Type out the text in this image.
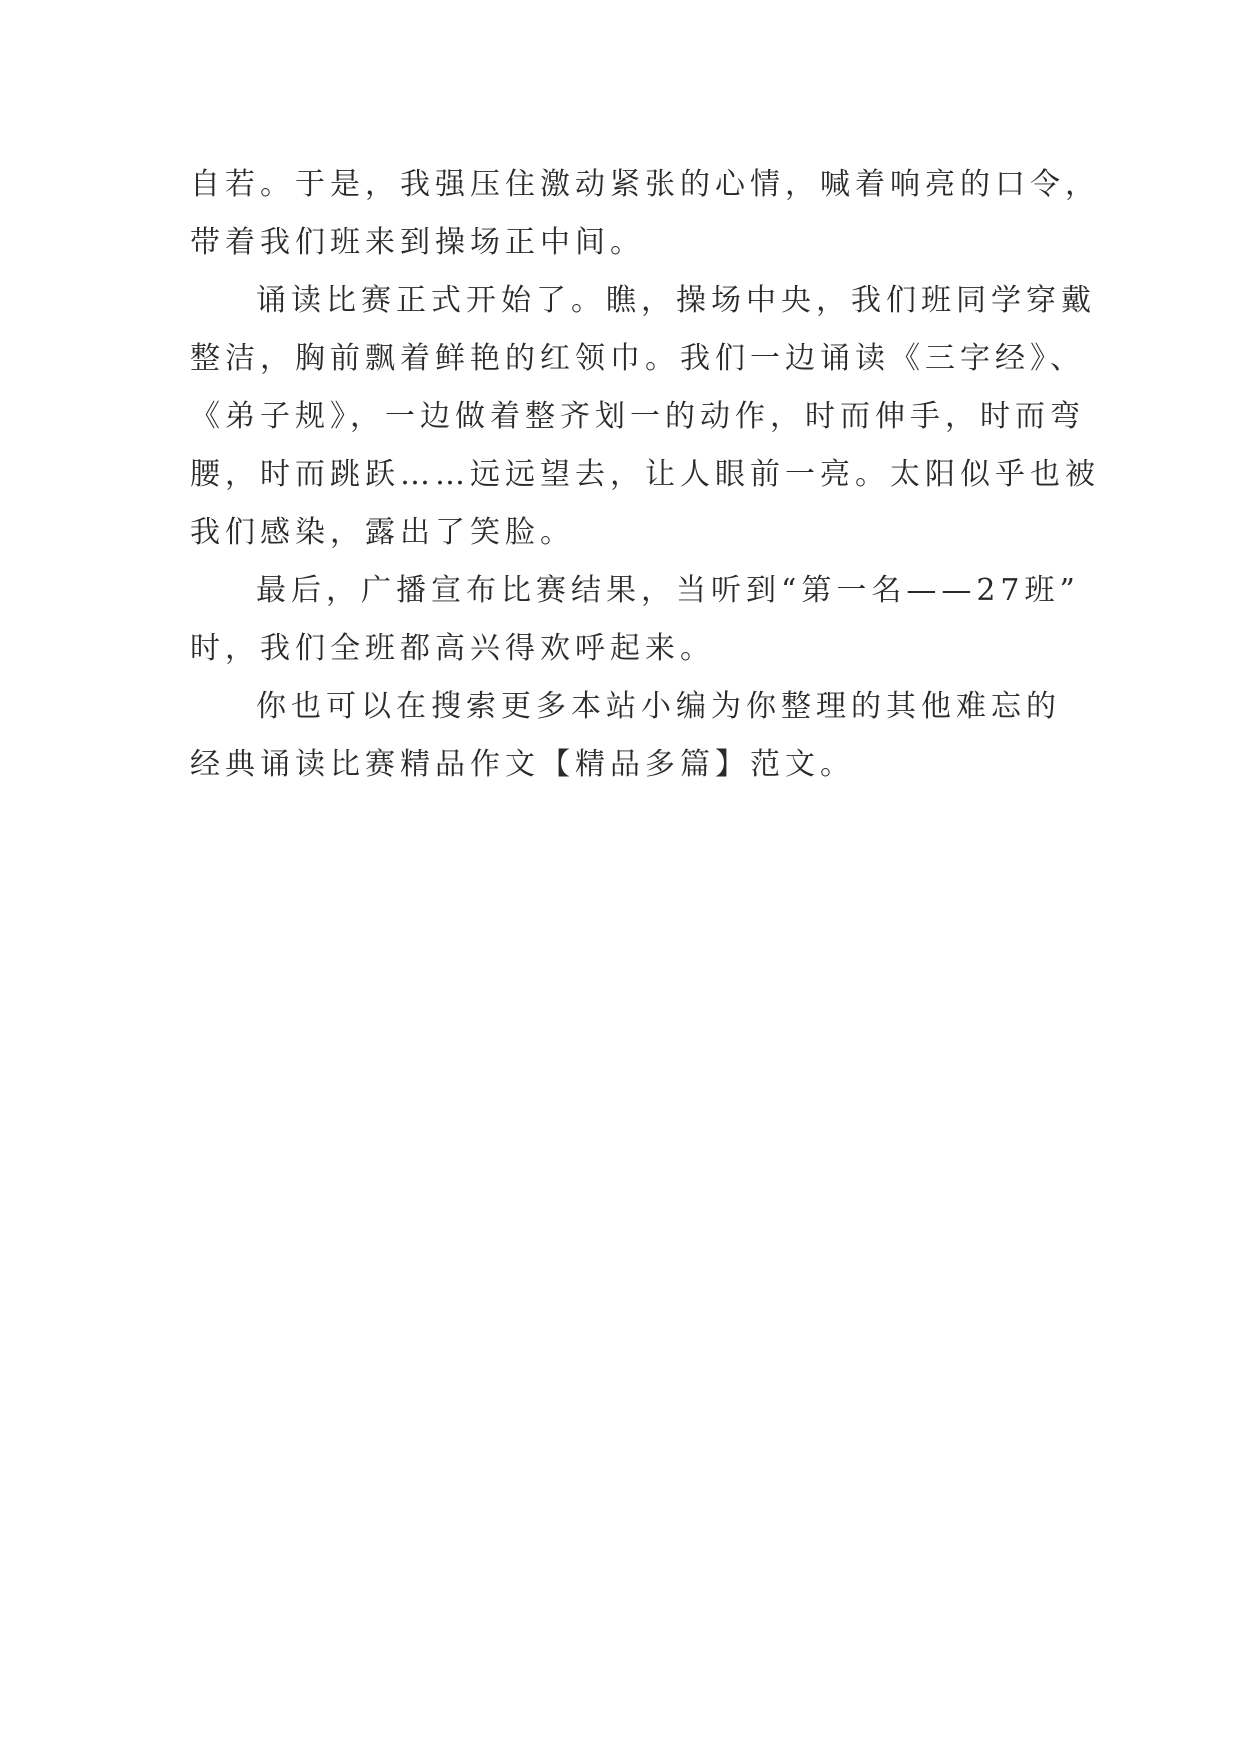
自若。于是，我强压住激动紧张的心情，喊着响亮的口令，
带着我们班来到操场正中间。
诵读比赛正式开始了。瞧，操场中央，我们班同学穿戴
整洁，胸前飘着鲜艳的红领巾。我们一边诵读《三字经》、
《弟子规》，一边做着整齐划一的动作，时而伸手，时而弯
腰，时而跳跃……远远望去，让人眼前一亮。太阳似乎也被
我们感染，露出了笑脸。
最后，广播宣布比赛结果，当听到“第一名——27班”
时，我们全班都高兴得欢呼起来。
你也可以在搜索更多本站小编为你整理的其他难忘的
经典诵读比赛精品作文【精品多篇】范文。
